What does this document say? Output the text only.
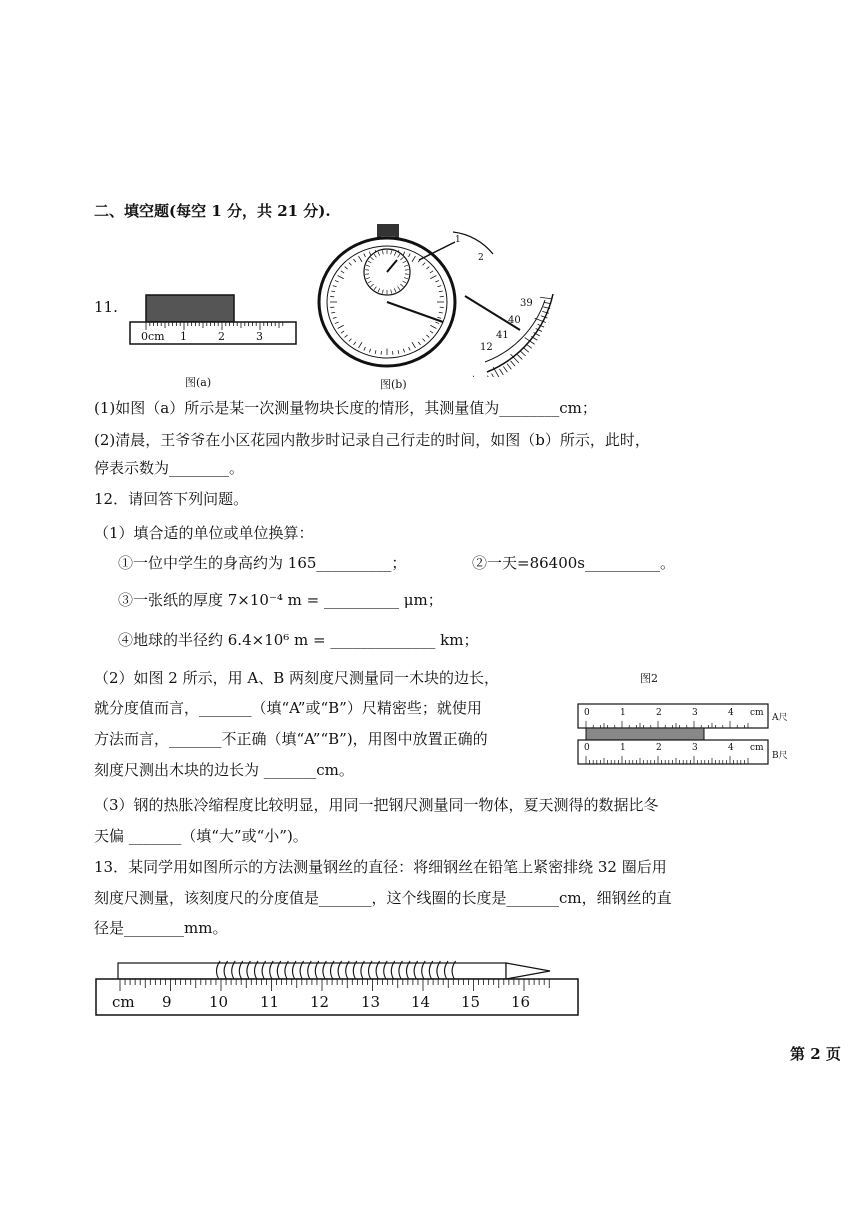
二、填空题(每空 1 分，共 21 分).
11.
0cm 1	2	3
1
2
39
40
41
12
图(a)	图(b)
(1)如图（a）所示是某一次测量物块长度的情形，其测量值为________cm；
(2)清晨，王爷爷在小区花园内散步时记录自己行走的时间，如图（b）所示，此时，
停表示数为________。
12．请回答下列问题。
（1）填合适的单位或单位换算：
①一位中学生的身高约为 165__________；	②一天=86400s__________。
③一张纸的厚度 7×10⁻⁴ m = __________ μm；
④地球的半径约 6.4×10⁶ m = ______________ km；
（2）如图 2 所示，用 A、B 两刻度尺测量同一木块的边长，
就分度值而言，_______（填“A”或“B”）尺精密些；就使用
方法而言，_______不正确（填“A”“B”)，用图中放置正确的
刻度尺测出木块的边长为 _______cm。
图2
0	1	2	3	4 cm
0	1	2	3	4 cm
A尺
B尺
（3）钢的热胀冷缩程度比较明显，用同一把钢尺测量同一物体，夏天测得的数据比冬
天偏 _______（填“大”或“小”)。
13．某同学用如图所示的方法测量钢丝的直径：将细钢丝在铅笔上紧密排绕 32 圈后用
刻度尺测量，该刻度尺的分度值是_______，这个线圈的长度是_______cm，细钢丝的直
径是________mm。
cm 9 10 11 12 13 14 15 16
第 2 页
